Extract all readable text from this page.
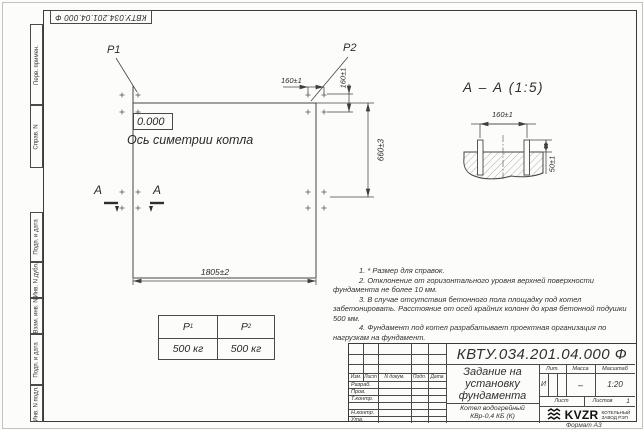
КВТУ.034.201.04.000 Ф
Перв. примен.
Справ. N
Подп. и дата
Инв. N дубл.
Взам. инв. N
Подп. и дата
Инв. N подл.
P1	P2
0.000
Ось симетрии котла
А	А
1805±2
660±3
160±1	160±1	А – А (1:5)
160±1
50±1

1. * Размер для справок.

2. Отклонение от горизонтального уровня верхней поверхности фундамента не более 10 мм.

3. В случае отсутствия бетонного пола площадку под котел забетонировать. Расстояние от осей крайних колонн до края бетонной подушки 500 мм.

4. Фундамент под котел разрабатывает проектная организация по нагрузкам на фундамент.

P 1	P 2
500 кг	500 кг
Изм. Лист	N докум.	Подп. Дата
Разраб.
Пров.
Т.контр.
Н.контр.
Утв.
КВТУ.034.201.04.000 Ф
Задание на
установку
фундамента
Котел водогрейный
КВр-0,4 КБ (К)
Лит.	Масса	Масштаб
И	–	1:20
Лист	Листов	1
KVZR КОТЕЛЬНЫЙ
ЗАВОД РЭП
Формат А3
